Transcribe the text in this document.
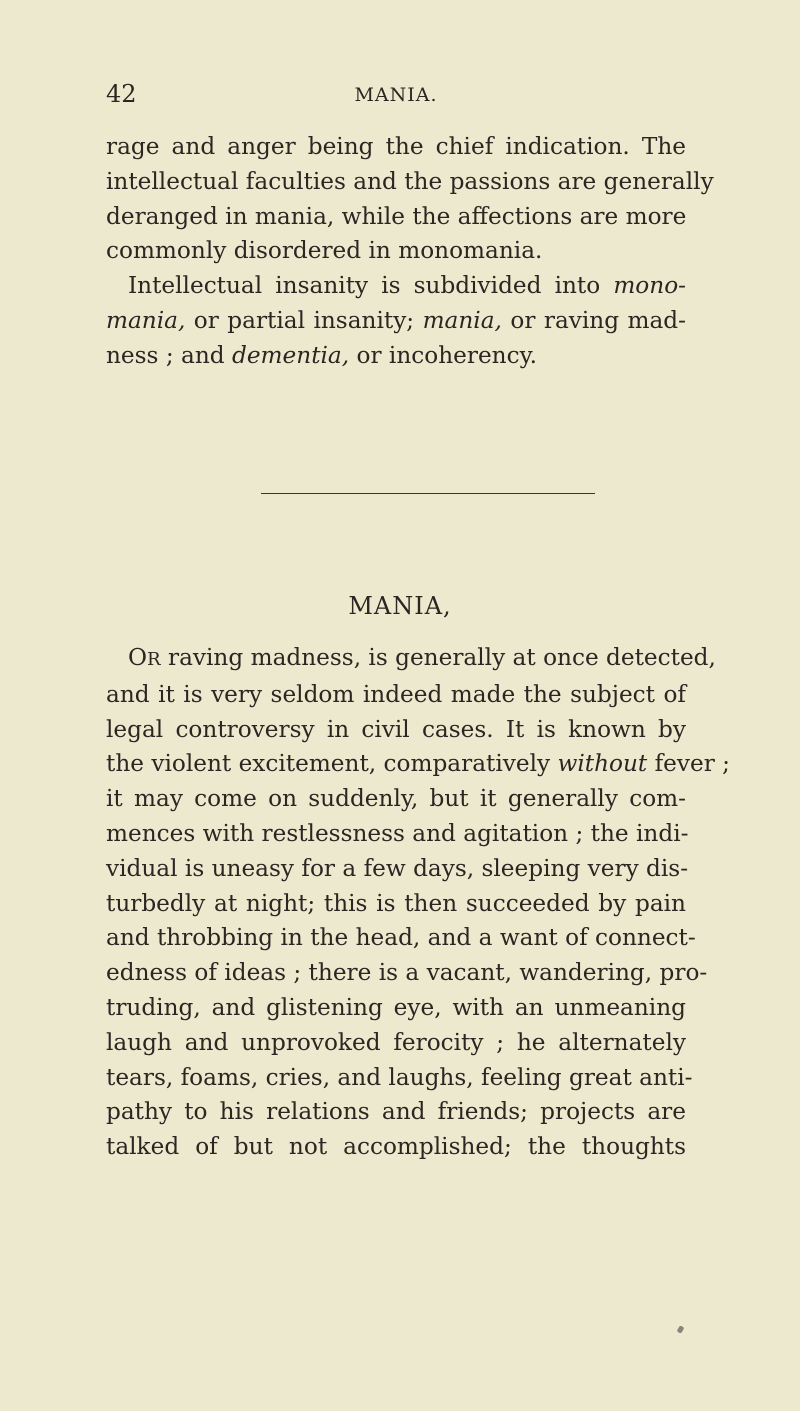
42	MANIA.
rage and anger being the chief indication. The
intellectual faculties and the passions are generally
deranged in mania, while the affections are more
commonly disordered in monomania.
Intellectual insanity is subdivided into mono-
mania, or partial insanity; mania, or raving mad-
ness ; and dementia, or incoherency.
MANIA,
OR raving madness, is generally at once detected,
and it is very seldom indeed made the subject of
legal controversy in civil cases. It is known by
the violent excitement, comparatively without fever ;
it may come on suddenly, but it generally com-
mences with restlessness and agitation ; the indi-
vidual is uneasy for a few days, sleeping very dis-
turbedly at night; this is then succeeded by pain
and throbbing in the head, and a want of connect-
edness of ideas ; there is a vacant, wandering, pro-
truding, and glistening eye, with an unmeaning
laugh and unprovoked ferocity ; he alternately
tears, foams, cries, and laughs, feeling great anti-
pathy to his relations and friends; projects are
talked of but not accomplished; the thoughts
